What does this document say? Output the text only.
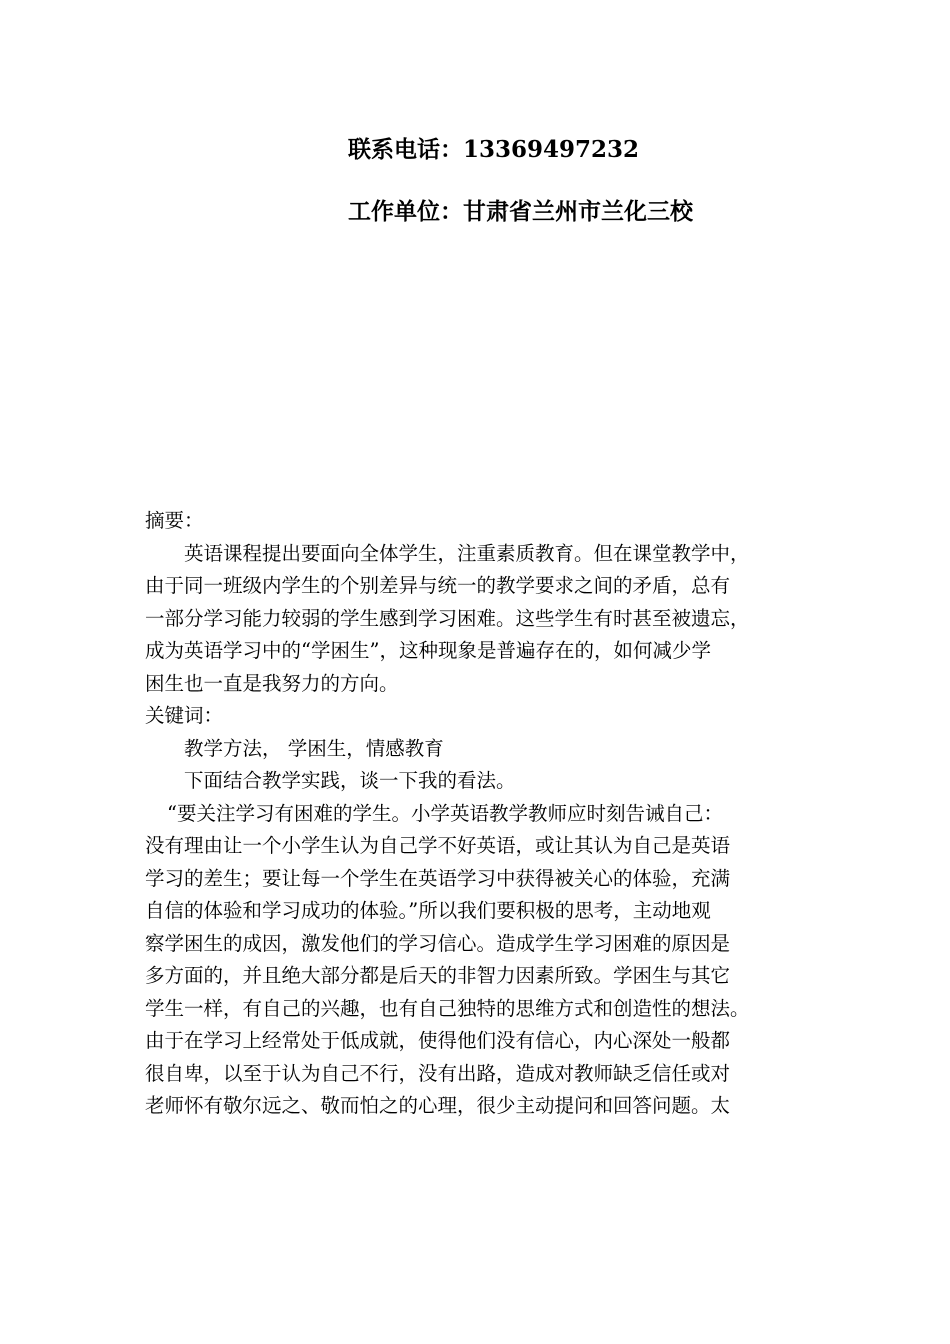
联系电话：13369497232
工作单位：甘肃省兰州市兰化三校
摘要：
英语课程提出要面向全体学生，注重素质教育。但在课堂教学中，
由于同一班级内学生的个别差异与统一的教学要求之间的矛盾，总有
一部分学习能力较弱的学生感到学习困难。这些学生有时甚至被遗忘，
成为英语学习中的“学困生”，这种现象是普遍存在的，如何减少学
困生也一直是我努力的方向。
关键词：
教学方法， 学困生，情感教育
下面结合教学实践，谈一下我的看法。
“要关注学习有困难的学生。小学英语教学教师应时刻告诫自己：
没有理由让一个小学生认为自己学不好英语，或让其认为自己是英语
学习的差生；要让每一个学生在英语学习中获得被关心的体验，充满
自信的体验和学习成功的体验。”所以我们要积极的思考，主动地观
察学困生的成因，激发他们的学习信心。造成学生学习困难的原因是
多方面的，并且绝大部分都是后天的非智力因素所致。学困生与其它
学生一样，有自己的兴趣，也有自己独特的思维方式和创造性的想法。
由于在学习上经常处于低成就，使得他们没有信心，内心深处一般都
很自卑，以至于认为自己不行，没有出路，造成对教师缺乏信任或对
老师怀有敬尔远之、敬而怕之的心理，很少主动提问和回答问题。太
